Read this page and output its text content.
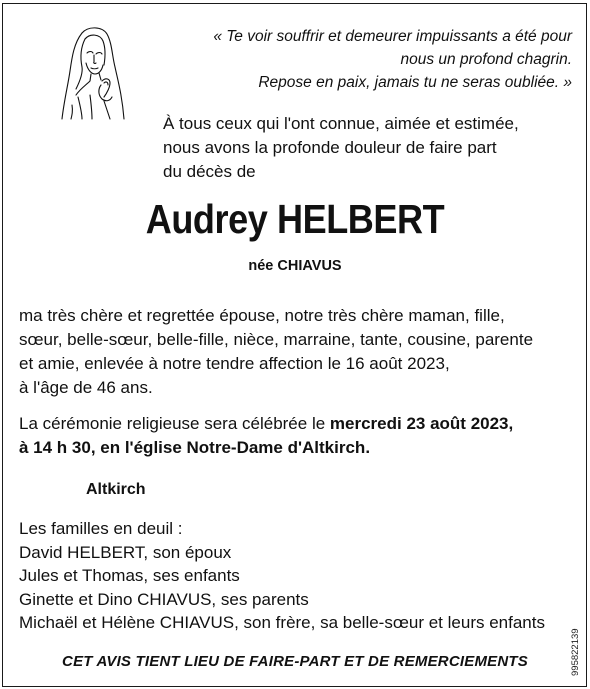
« Te voir souffrir et demeurer impuissants a été pour
nous un profond chagrin.
Repose en paix, jamais tu ne seras oubliée. »
À tous ceux qui l'ont connue, aimée et estimée,
nous avons la profonde douleur de faire part
du décès de
Audrey HELBERT
née CHIAVUS
ma très chère et regrettée épouse, notre très chère maman, fille,
sœur, belle-sœur, belle-fille, nièce, marraine, tante, cousine, parente
et amie, enlevée à notre tendre affection le 16 août 2023,
à l'âge de 46 ans.
La cérémonie religieuse sera célébrée le mercredi 23 août 2023,
à 14 h 30, en l'église Notre-Dame d'Altkirch.
Altkirch
Les familles en deuil :
David HELBERT, son époux
Jules et Thomas, ses enfants
Ginette et Dino CHIAVUS, ses parents
Michaël et Hélène CHIAVUS, son frère, sa belle-sœur et leurs enfants
CET AVIS TIENT LIEU DE FAIRE-PART ET DE REMERCIEMENTS	995822139
